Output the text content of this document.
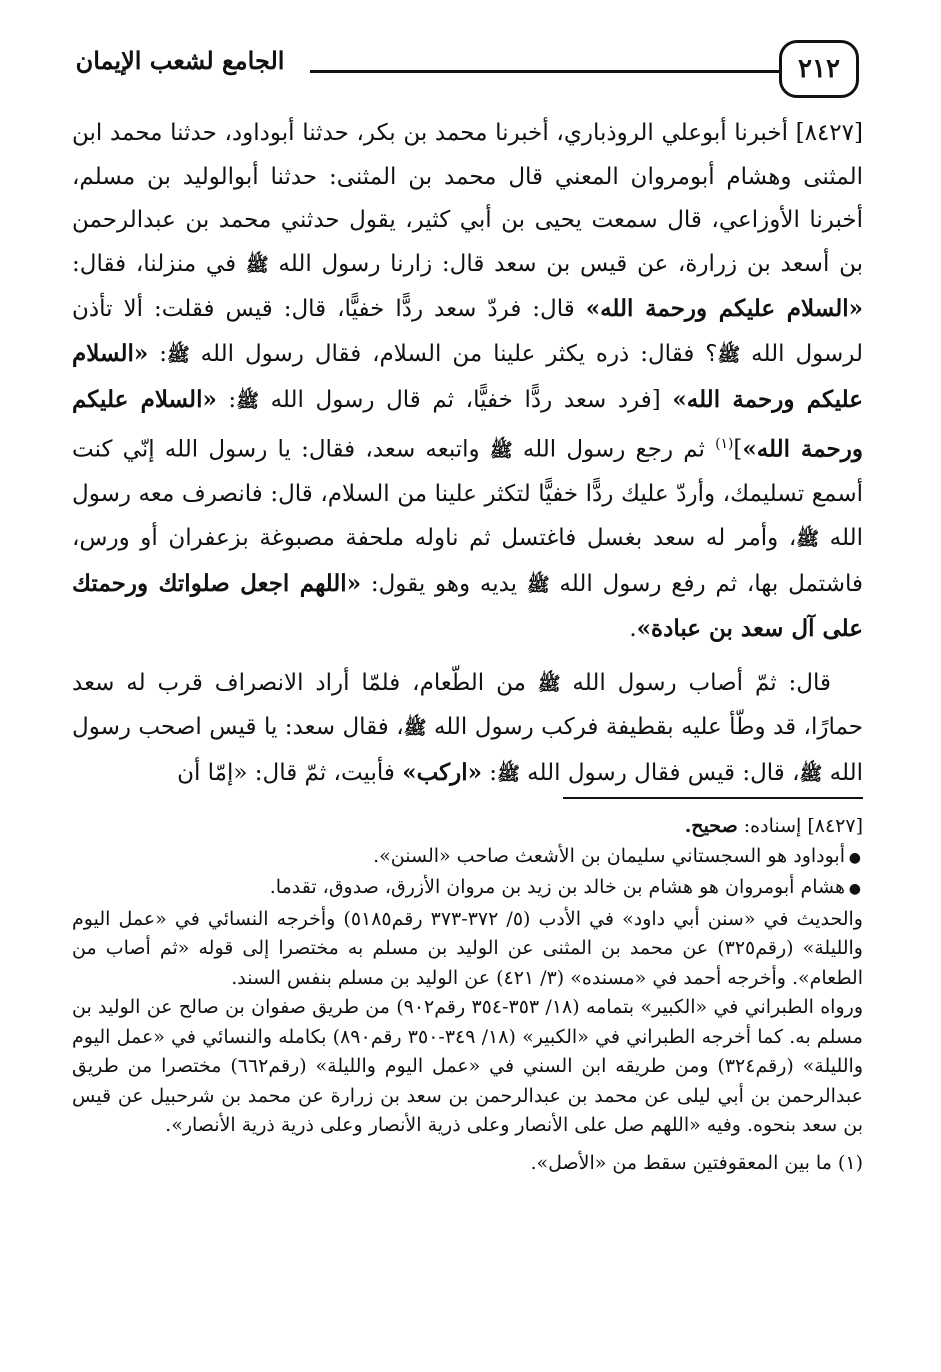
٢١٢
الجامع لشعب الإيمان

[٨٤٢٧] أخبرنا أبوعلي الروذباري، أخبرنا محمد بن بكر، حدثنا أبوداود، حدثنا محمد ابن المثنى وهشام أبومروان المعني قال محمد بن المثنى: حدثنا أبوالوليد بن مسلم، أخبرنا الأوزاعي، قال سمعت يحيى بن أبي كثير، يقول حدثني محمد بن عبدالرحمن بن أسعد بن زرارة، عن قيس بن سعد قال: زارنا رسول الله ﷺ في منزلنا، فقال: «السلام عليكم ورحمة الله» قال: فردّ سعد ردًّا خفيًّا، قال: قيس فقلت: ألا تأذن لرسول الله ﷺ؟ فقال: ذره يكثر علينا من السلام، فقال رسول الله ﷺ: «السلام عليكم ورحمة الله» [فرد سعد ردًّا خفيًّا، ثم قال رسول الله ﷺ: «السلام عليكم ورحمة الله»]$^{(١)}$ ثم رجع رسول الله ﷺ واتبعه سعد، فقال: يا رسول الله إنّي كنت أسمع تسليمك، وأردّ عليك ردًّا خفيًّا لتكثر علينا من السلام، قال: فانصرف معه رسول الله ﷺ، وأمر له سعد بغسل فاغتسل ثم ناوله ملحفة مصبوغة بزعفران أو ورس، فاشتمل بها، ثم رفع رسول الله ﷺ يديه وهو يقول: «اللهم اجعل صلواتك ورحمتك على آل سعد بن عبادة».

قال: ثمّ أصاب رسول الله ﷺ من الطّعام، فلمّا أراد الانصراف قرب له سعد حمارًا، قد وطّأ عليه بقطيفة فركب رسول الله ﷺ، فقال سعد: يا قيس اصحب رسول الله ﷺ، قال: قيس فقال رسول الله ﷺ: «اركب» فأبيت، ثمّ قال: «إمّا أن

[٨٤٢٧] إسناده: صحيح.

●أبوداود هو السجستاني سليمان بن الأشعث صاحب «السنن».

●هشام أبومروان هو هشام بن خالد بن زيد بن مروان الأزرق، صدوق، تقدما.

والحديث في «سنن أبي داود» في الأدب (٥/ ٣٧٢-٣٧٣ رقم٥١٨٥) وأخرجه النسائي في «عمل اليوم والليلة» (رقم٣٢٥) عن محمد بن المثنى عن الوليد بن مسلم به مختصرا إلى قوله «ثم أصاب من الطعام». وأخرجه أحمد في «مسنده» (٣/ ٤٢١) عن الوليد بن مسلم بنفس السند.

ورواه الطبراني في «الكبير» بتمامه (١٨/ ٣٥٣-٣٥٤ رقم٩٠٢) من طريق صفوان بن صالح عن الوليد بن مسلم به. كما أخرجه الطبراني في «الكبير» (١٨/ ٣٤٩-٣٥٠ رقم٨٩٠) بكامله والنسائي في «عمل اليوم والليلة» (رقم٣٢٤) ومن طريقه ابن السني في «عمل اليوم والليلة» (رقم٦٦٢) مختصرا من طريق عبدالرحمن بن أبي ليلى عن محمد بن عبدالرحمن بن سعد بن زرارة عن محمد بن شرحبيل عن قيس بن سعد بنحوه. وفيه «اللهم صل على الأنصار وعلى ذرية الأنصار وعلى ذرية ذرية الأنصار».

(١) ما بين المعقوفتين سقط من «الأصل».
